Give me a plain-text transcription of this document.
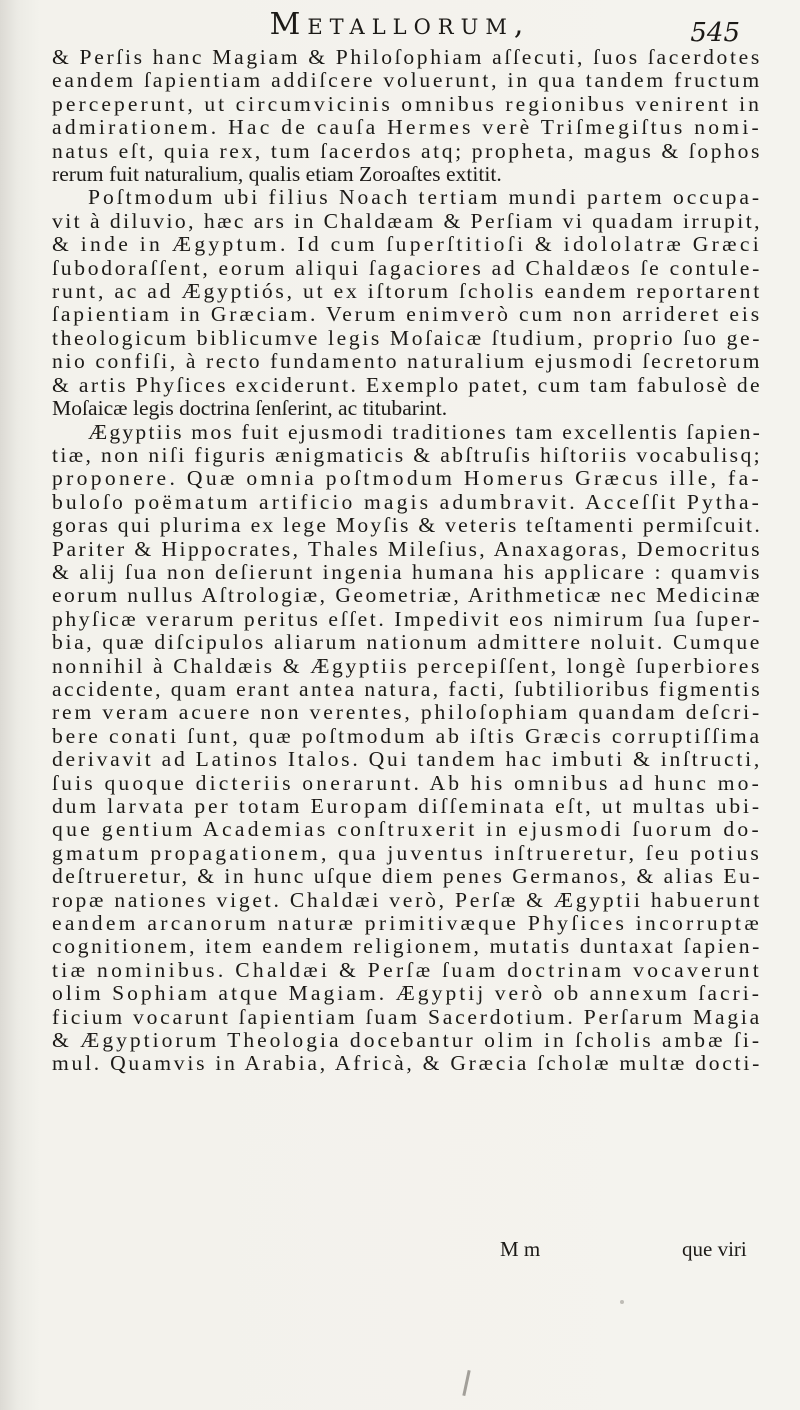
Metallorum,	545
& Perſis hanc Magiam & Philoſophiam aſſecuti, ſuos ſacerdotes
eandem ſapientiam addiſcere voluerunt, in qua tandem fructum
perceperunt, ut circumvicinis omnibus regionibus venirent in
admirationem. Hac de cauſa Hermes verè Triſmegiſtus nomi-
natus eſt, quia rex, tum ſacerdos atq; propheta, magus & ſophos
rerum fuit naturalium, qualis etiam Zoroaſtes extitit.
Poſtmodum ubi filius Noach tertiam mundi partem occupa-
vit à diluvio, hæc ars in Chaldæam & Perſiam vi quadam irrupit,
& inde in Ægyptum. Id cum ſuperſtitioſi & idololatræ Græci
ſubodoraſſent, eorum aliqui ſagaciores ad Chaldæos ſe contule-
runt, ac ad Ægyptiós, ut ex iſtorum ſcholis eandem reportarent
ſapientiam in Græciam. Verum enimverò cum non arrideret eis
theologicum biblicumve legis Moſaicæ ſtudium, proprio ſuo ge-
nio confiſi, à recto fundamento naturalium ejusmodi ſecretorum
& artis Phyſices exciderunt. Exemplo patet, cum tam fabulosè de
Moſaicæ legis doctrina ſenſerint, ac titubarint.
Ægyptiis mos fuit ejusmodi traditiones tam excellentis ſapien-
tiæ, non niſi figuris ænigmaticis & abſtruſis hiſtoriis vocabulisq;
proponere. Quæ omnia poſtmodum Homerus Græcus ille, fa-
buloſo poëmatum artificio magis adumbravit. Acceſſit Pytha-
goras qui plurima ex lege Moyſis & veteris teſtamenti permiſcuit.
Pariter & Hippocrates, Thales Mileſius, Anaxagoras, Democritus
& alij ſua non deſierunt ingenia humana his applicare : quamvis
eorum nullus Aſtrologiæ, Geometriæ, Arithmeticæ nec Medicinæ
phyſicæ verarum peritus eſſet. Impedivit eos nimirum ſua ſuper-
bia, quæ diſcipulos aliarum nationum admittere noluit. Cumque
nonnihil à Chaldæis & Ægyptiis percepiſſent, longè ſuperbiores
accidente, quam erant antea natura, facti, ſubtilioribus figmentis
rem veram acuere non verentes, philoſophiam quandam deſcri-
bere conati ſunt, quæ poſtmodum ab iſtis Græcis corruptiſſima
derivavit ad Latinos Italos. Qui tandem hac imbuti & inſtructi,
ſuis quoque dicteriis onerarunt. Ab his omnibus ad hunc mo-
dum larvata per totam Europam diſſeminata eſt, ut multas ubi-
que gentium Academias conſtruxerit in ejusmodi ſuorum do-
gmatum propagationem, qua juventus inſtrueretur, ſeu potius
deſtrueretur, & in hunc uſque diem penes Germanos, & alias Eu-
ropæ nationes viget. Chaldæi verò, Perſæ & Ægyptii habuerunt
eandem arcanorum naturæ primitivæque Phyſices incorruptæ
cognitionem, item eandem religionem, mutatis duntaxat ſapien-
tiæ nominibus. Chaldæi & Perſæ ſuam doctrinam vocaverunt
olim Sophiam atque Magiam. Ægyptij verò ob annexum ſacri-
ficium vocarunt ſapientiam ſuam Sacerdotium. Perſarum Magia
& Ægyptiorum Theologia docebantur olim in ſcholis ambæ ſi-
mul. Quamvis in Arabia, Africà, & Græcia ſcholæ multæ docti-
M m	que viri
